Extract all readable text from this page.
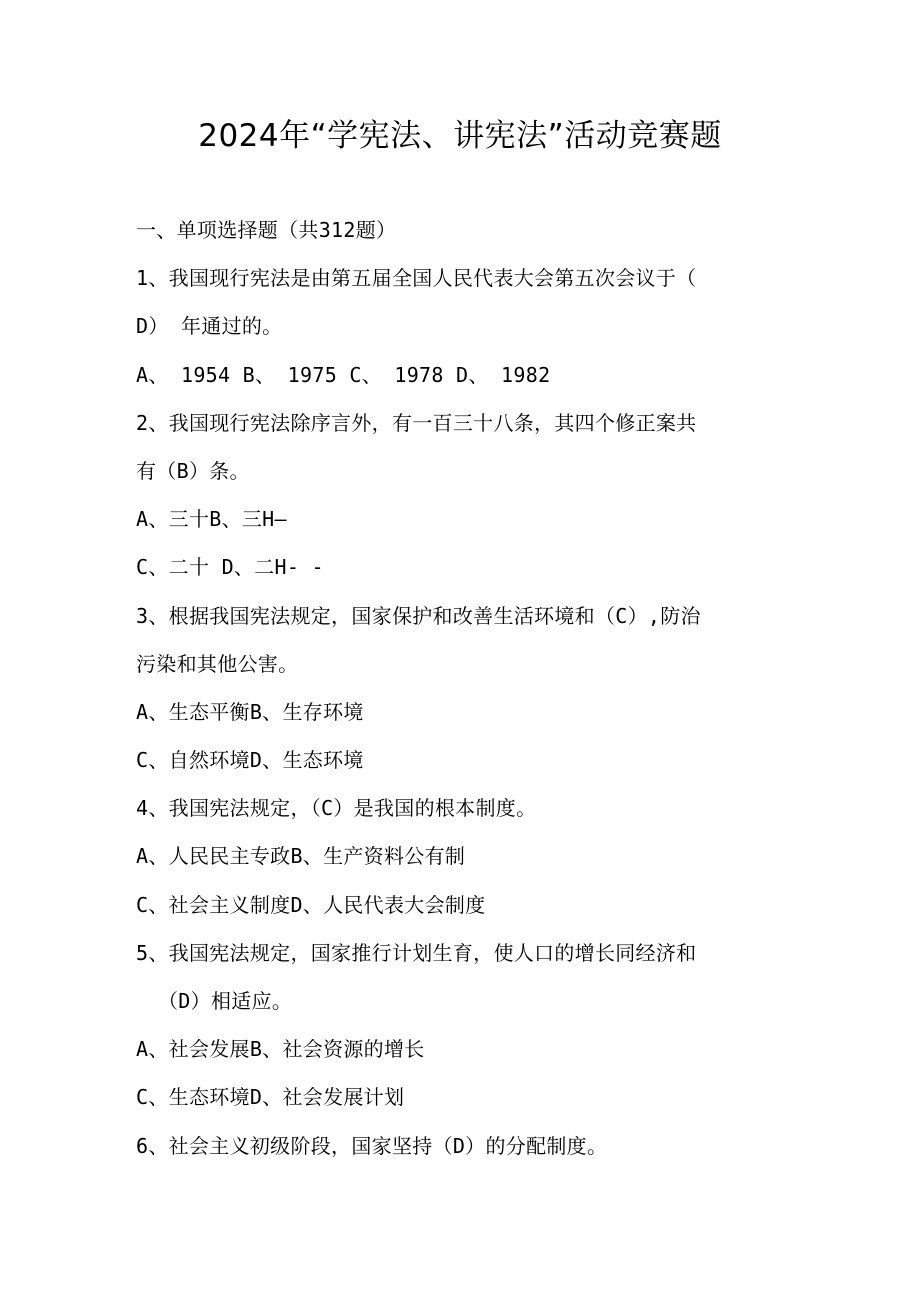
2024年“学宪法、讲宪法”活动竞赛题
一、单项选择题（共312题）
1、我国现行宪法是由第五届全国人民代表大会第五次会议于（
D） 年通过的。
A、 1954 B、 1975 C、 1978 D、 1982
2、我国现行宪法除序言外，有一百三十八条，其四个修正案共
有（B）条。
A、三十B、三H—
C、二十 D、二H- -
3、根据我国宪法规定，国家保护和改善生活环境和（C）,防治
污染和其他公害。
A、生态平衡B、生存环境
C、自然环境D、生态环境
4、我国宪法规定，（C）是我国的根本制度。
A、人民民主专政B、生产资料公有制
C、社会主义制度D、人民代表大会制度
5、我国宪法规定，国家推行计划生育，使人口的增长同经济和
（D）相适应。
A、社会发展B、社会资源的增长
C、生态环境D、社会发展计划
6、社会主义初级阶段，国家坚持（D）的分配制度。
